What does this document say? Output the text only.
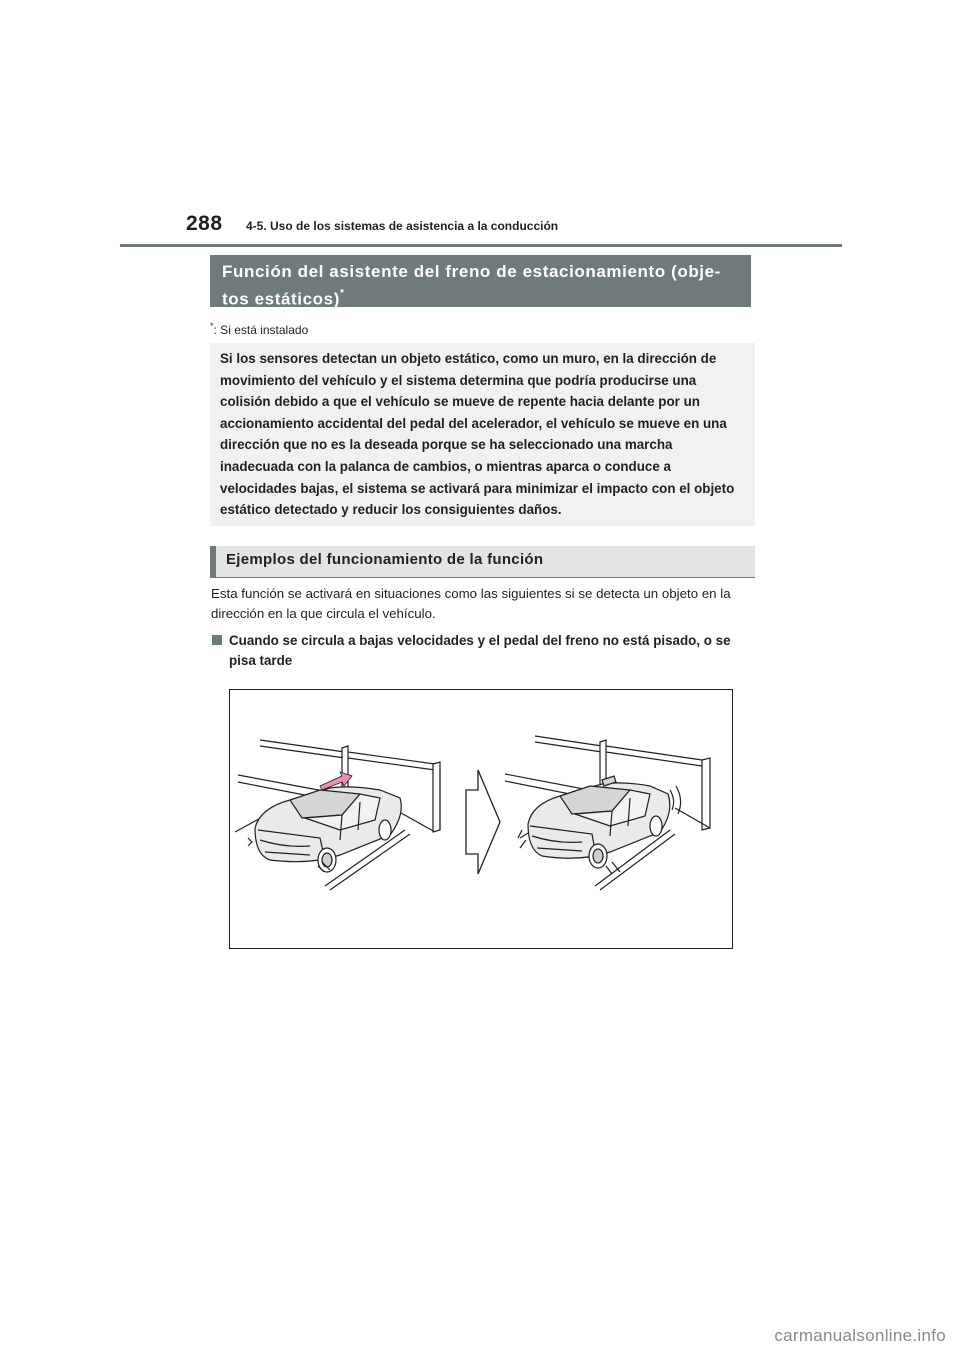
288 4-5. Uso de los sistemas de asistencia a la conducción
Función del asistente del freno de estacionamiento (obje-
tos estáticos)*
*: Si está instalado
Si los sensores detectan un objeto estático, como un muro, en la dirección de movimiento del vehículo y el sistema determina que podría producirse una colisión debido a que el vehículo se mueve de repente hacia delante por un accionamiento accidental del pedal del acelerador, el vehículo se mueve en una dirección que no es la deseada porque se ha seleccionado una marcha inadecuada con la palanca de cambios, o mientras aparca o conduce a velocidades bajas, el sistema se activará para minimizar el impacto con el objeto estático detectado y reducir los consiguientes daños.
Ejemplos del funcionamiento de la función
Esta función se activará en situaciones como las siguientes si se detecta un objeto en la dirección en la que circula el vehículo.
Cuando se circula a bajas velocidades y el pedal del freno no está pisado, o se pisa tarde
carmanualsonline.info
